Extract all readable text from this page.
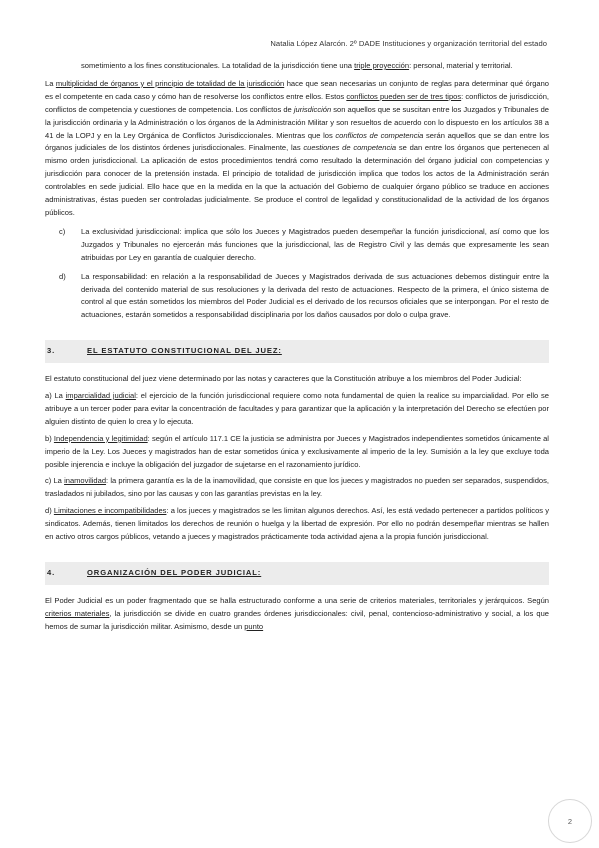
Natalia López Alarcón. 2º DADE Instituciones y organización territorial del estado

sometimiento a los fines constitucionales. La totalidad de la jurisdicción tiene una triple proyección: personal, material y territorial.

La multiplicidad de órganos y el principio de totalidad de la jurisdicción hace que sean necesarias un conjunto de reglas para determinar qué órgano es el competente en cada caso y cómo han de resolverse los conflictos entre ellos. Estos conflictos pueden ser de tres tipos: conflictos de jurisdicción, conflictos de competencia y cuestiones de competencia. Los conflictos de jurisdicción son aquellos que se suscitan entre los Juzgados y Tribunales de la jurisdicción ordinaria y la Administración o los órganos de la Administración Militar y son resueltos de acuerdo con lo dispuesto en los artículos 38 a 41 de la LOPJ y en la Ley Orgánica de Conflictos Jurisdiccionales. Mientras que los conflictos de competencia serán aquellos que se dan entre los órganos judiciales de los distintos órdenes jurisdiccionales. Finalmente, las cuestiones de competencia se dan entre los órganos que pertenecen al mismo orden jurisdiccional. La aplicación de estos procedimientos tendrá como resultado la determinación del órgano judicial con competencias y jurisdicción para conocer de la pretensión instada. El principio de totalidad de jurisdicción implica que todos los actos de la Administración serán controlables en sede judicial. Ello hace que en la medida en la que la actuación del Gobierno de cualquier órgano público se traduce en acciones administrativas, éstas pueden ser controladas judicialmente. Se produce el control de legalidad y constitucionalidad de la actividad de los órganos públicos.

c) La exclusividad jurisdiccional: implica que sólo los Jueces y Magistrados pueden desempeñar la función jurisdiccional, así como que los Juzgados y Tribunales no ejercerán más funciones que la jurisdiccional, las de Registro Civil y las demás que expresamente les sean atribuidas por Ley en garantía de cualquier derecho.

d) La responsabilidad: en relación a la responsabilidad de Jueces y Magistrados derivada de sus actuaciones debemos distinguir entre la derivada del contenido material de sus resoluciones y la derivada del resto de actuaciones. Respecto de la primera, el único sistema de control al que están sometidos los miembros del Poder Judicial es el derivado de los recursos oficiales que se interpongan. Por el resto de actuaciones, estarán sometidos a responsabilidad disciplinaria por los daños causados por dolo o culpa grave.

3.	EL ESTATUTO CONSTITUCIONAL DEL JUEZ:

El estatuto constitucional del juez viene determinado por las notas y caracteres que la Constitución atribuye a los miembros del Poder Judicial:

a) La imparcialidad judicial: el ejercicio de la función jurisdiccional requiere como nota fundamental de quien la realice su imparcialidad. Por ello se atribuye a un tercer poder para evitar la concentración de facultades y para garantizar que la aplicación y la interpretación del Derecho se efectúen por alguien distinto de quien lo crea y lo ejecuta.

b) Independencia y legitimidad: según el artículo 117.1 CE la justicia se administra por Jueces y Magistrados independientes sometidos únicamente al imperio de la Ley. Los Jueces y magistrados han de estar sometidos única y exclusivamente al imperio de la ley. Sumisión a la ley que excluye toda posible injerencia e incluye la obligación del juzgador de sujetarse en el razonamiento jurídico.

c) La inamovilidad: la primera garantía es la de la inamovilidad, que consiste en que los jueces y magistrados no pueden ser separados, suspendidos, trasladados ni jubilados, sino por las causas y con las garantías previstas en la ley.

d) Limitaciones e incompatibilidades: a los jueces y magistrados se les limitan algunos derechos. Así, les está vedado pertenecer a partidos políticos y sindicatos. Además, tienen limitados los derechos de reunión o huelga y la libertad de expresión. Por ello no podrán desempeñar mientras se hallen en activo otros cargos públicos, vetando a jueces y magistrados prácticamente toda actividad ajena a la propia función jurisdiccional.

4.	ORGANIZACIÓN DEL PODER JUDICIAL:

El Poder Judicial es un poder fragmentado que se halla estructurado conforme a una serie de criterios materiales, territoriales y jerárquicos. Según criterios materiales, la jurisdicción se divide en cuatro grandes órdenes jurisdiccionales: civil, penal, contencioso-administrativo y social, a los que hemos de sumar la jurisdicción militar. Asimismo, desde un punto

2
